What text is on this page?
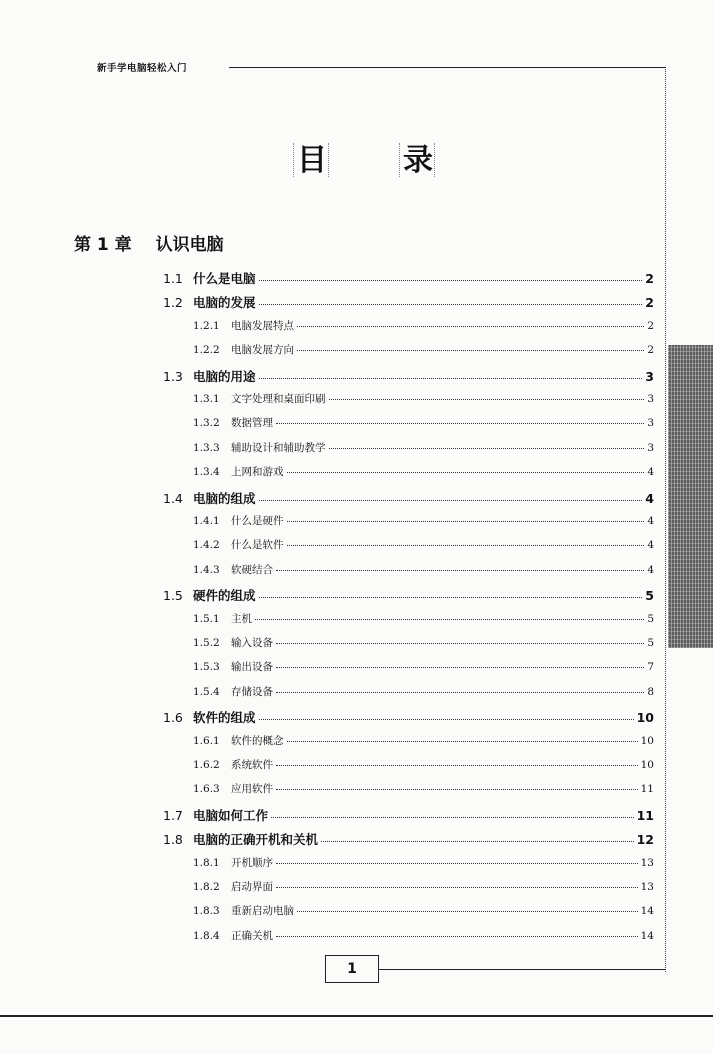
新手学电脑轻松入门
目	录
第 1 章 认识电脑
1.1 什么是电脑	2
1.2 电脑的发展	2
1.2.1	电脑发展特点	2
1.2.2	电脑发展方向	2
1.3 电脑的用途	3
1.3.1	文字处理和桌面印刷	3
1.3.2	数据管理	3
1.3.3	辅助设计和辅助教学	3
1.3.4	上网和游戏	4
1.4 电脑的组成	4
1.4.1	什么是硬件	4
1.4.2	什么是软件	4
1.4.3	软硬结合	4
1.5 硬件的组成	5
1.5.1	主机	5
1.5.2	输入设备	5
1.5.3	输出设备	7
1.5.4	存储设备	8
1.6 软件的组成	10
1.6.1	软件的概念	10
1.6.2	系统软件	10
1.6.3	应用软件	11
1.7 电脑如何工作	11
1.8 电脑的正确开机和关机	12
1.8.1	开机顺序	13
1.8.2	启动界面	13
1.8.3	重新启动电脑	14
1.8.4	正确关机	14
1
